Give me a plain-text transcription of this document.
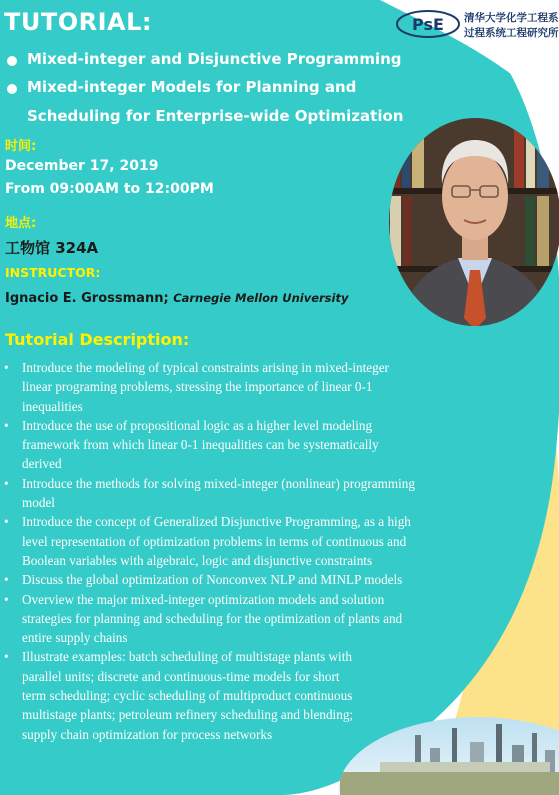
PsE 清华大学化学工程系
过程系统工程研究所
TUTORIAL:

Mixed-integer and Disjunctive Programming

Mixed-integer Models for Planning and

Scheduling for Enterprise-wide Optimization

时间:

December 17, 2019

From 09:00AM to 12:00PM

地点:

工物馆 324A

INSTRUCTOR:

Ignacio E. Grossmann; Carnegie Mellon University

Tutorial Description:
• Introduce the modeling of typical constraints arising in mixed-integer
linear programing problems, stressing the importance of linear 0-1
inequalities
• Introduce the use of propositional logic as a higher level modeling
framework from which linear 0-1 inequalities can be systematically
derived
• Introduce the methods for solving mixed-integer (nonlinear) programming
model
• Introduce the concept of Generalized Disjunctive Programming, as a high
level representation of optimization problems in terms of continuous and
Boolean variables with algebraic, logic and disjunctive constraints
• Discuss the global optimization of Nonconvex NLP and MINLP models
• Overview the major mixed-integer optimization models and solution
strategies for planning and scheduling for the optimization of plants and
entire supply chains
• Illustrate examples: batch scheduling of multistage plants with
parallel units; discrete and continuous-time models for short
term scheduling; cyclic scheduling of multiproduct continuous
multistage plants; petroleum refinery scheduling and blending;
supply chain optimization for process networks
